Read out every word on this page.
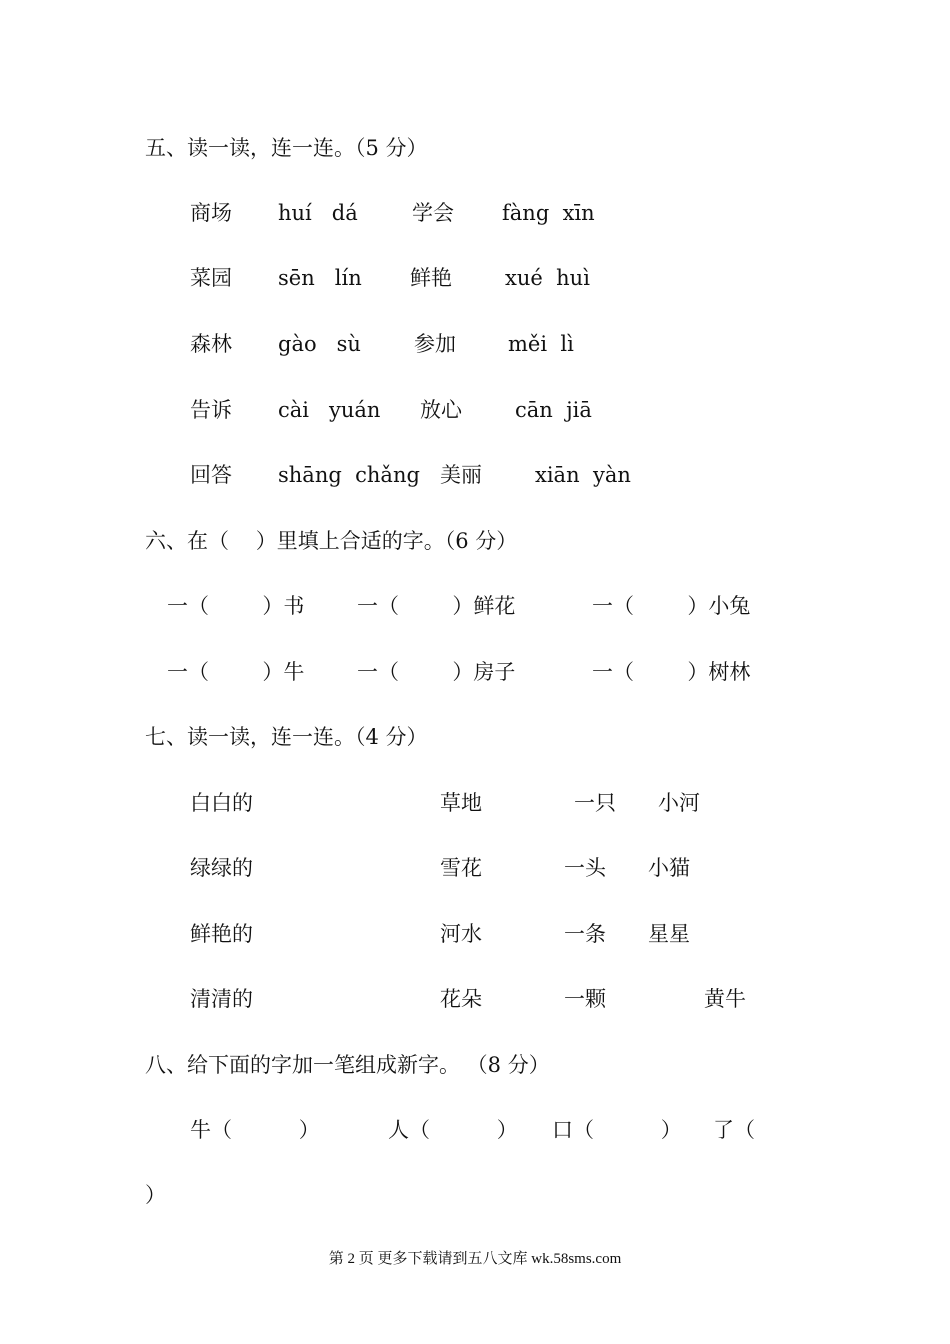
五、读一读，连一连。（5 分）
商场 huí   dá	学会 fàng  xīn
菜园 sēn   lín 鲜艳	xué  huì
森林 gào   sù	参加 měi  lì
告诉 cài   yuán 放心	cān  jiā
回答 shāng  chǎng 美丽	xiān  yàn
六、在（    ）里填上合适的字。（6 分）
一（        ）书	一（        ）鲜花	一（        ）小兔
一（        ）牛	一（        ）房子	一（        ）树林
七、读一读，连一连。（4 分）
白白的	草地	一只 小河
绿绿的	雪花	一头 小猫
鲜艳的	河水	一条 星星
清清的	花朵	一颗	黄牛
八、给下面的字加一笔组成新字。 （8 分）
牛（          ）	人（          ） 口（          ） 了（
）
第 2 页 更多下载请到五八文库 wk.58sms.com
